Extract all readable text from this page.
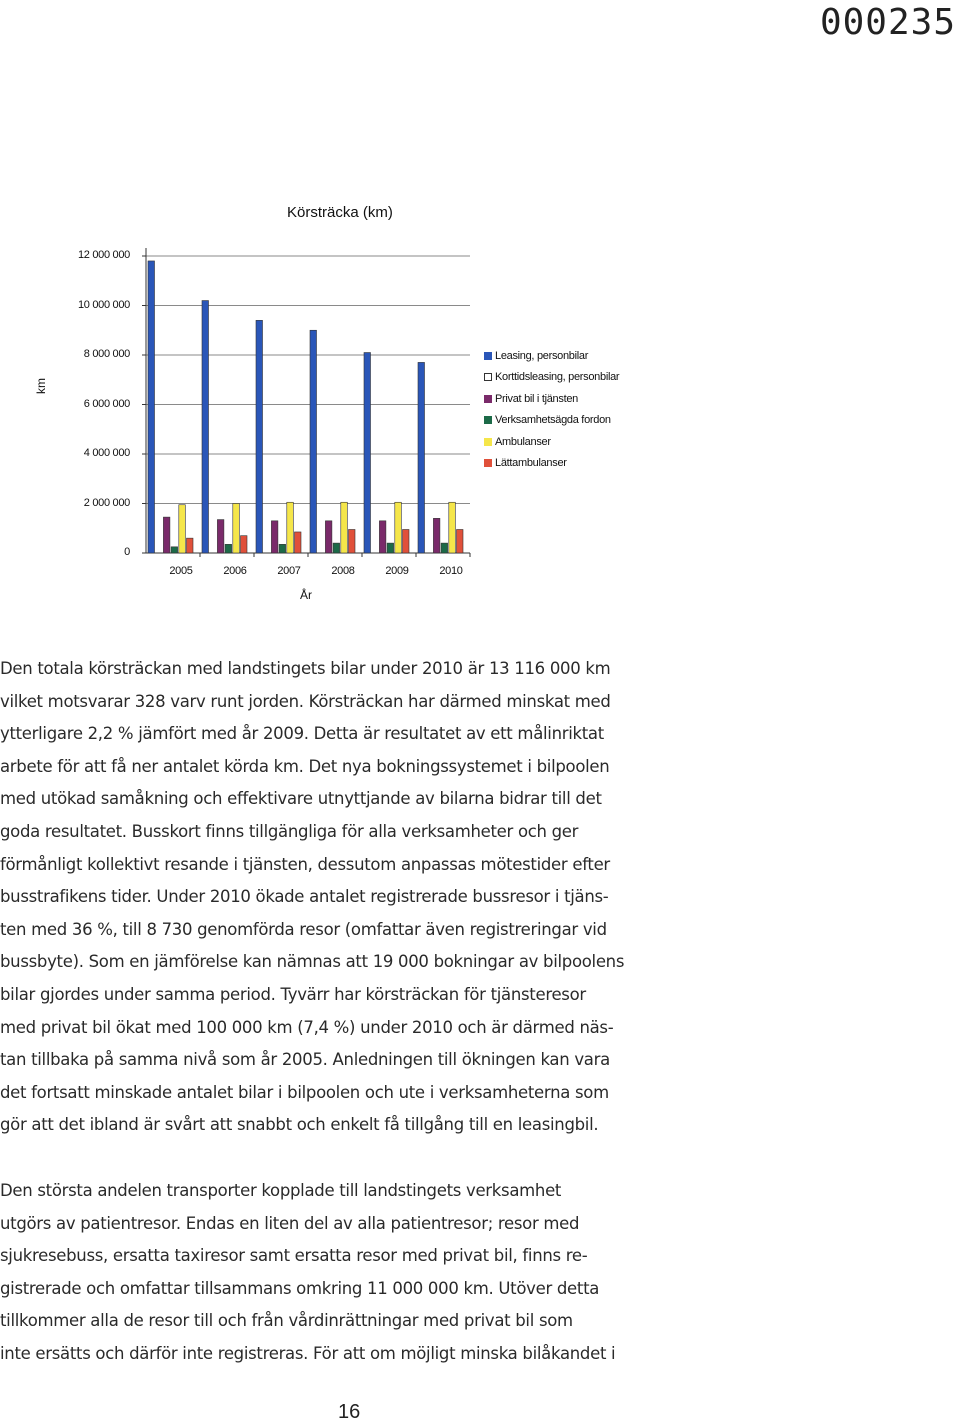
000235
Körsträcka (km)
km
År
0
2 000 000
4 000 000
6 000 000
8 000 000
10 000 000
12 000 000
2005	2006	2007	2008	2009	2010
Leasing, personbilar
Korttidsleasing, personbilar
Privat bil i tjänsten
Verksamhetsägda fordon
Ambulanser
Lättambulanser

Den totala körsträckan med landstingets bilar under 2010 är 13 116 000 km
vilket motsvarar 328 varv runt jorden. Körsträckan har därmed minskat med
ytterligare 2,2 % jämfört med år 2009. Detta är resultatet av ett målinriktat
arbete för att få ner antalet körda km. Det nya bokningssystemet i bilpoolen
med utökad samåkning och effektivare utnyttjande av bilarna bidrar till det
goda resultatet. Busskort finns tillgängliga för alla verksamheter och ger
förmånligt kollektivt resande i tjänsten, dessutom anpassas mötestider efter
busstrafikens tider. Under 2010 ökade antalet registrerade bussresor i tjäns-
ten med 36 %, till 8 730 genomförda resor (omfattar även registreringar vid
bussbyte). Som en jämförelse kan nämnas att 19 000 bokningar av bilpoolens
bilar gjordes under samma period. Tyvärr har körsträckan för tjänsteresor
med privat bil ökat med 100 000 km (7,4 %) under 2010 och är därmed näs-
tan tillbaka på samma nivå som år 2005. Anledningen till ökningen kan vara
det fortsatt minskade antalet bilar i bilpoolen och ute i verksamheterna som
gör att det ibland är svårt att snabbt och enkelt få tillgång till en leasingbil.

Den största andelen transporter kopplade till landstingets verksamhet
utgörs av patientresor. Endas en liten del av alla patientresor; resor med
sjukresebuss, ersatta taxiresor samt ersatta resor med privat bil, finns re-
gistrerade och omfattar tillsammans omkring 11 000 000 km. Utöver detta
tillkommer alla de resor till och från vårdinrättningar med privat bil som
inte ersätts och därför inte registreras. För att om möjligt minska bilåkandet i

16
